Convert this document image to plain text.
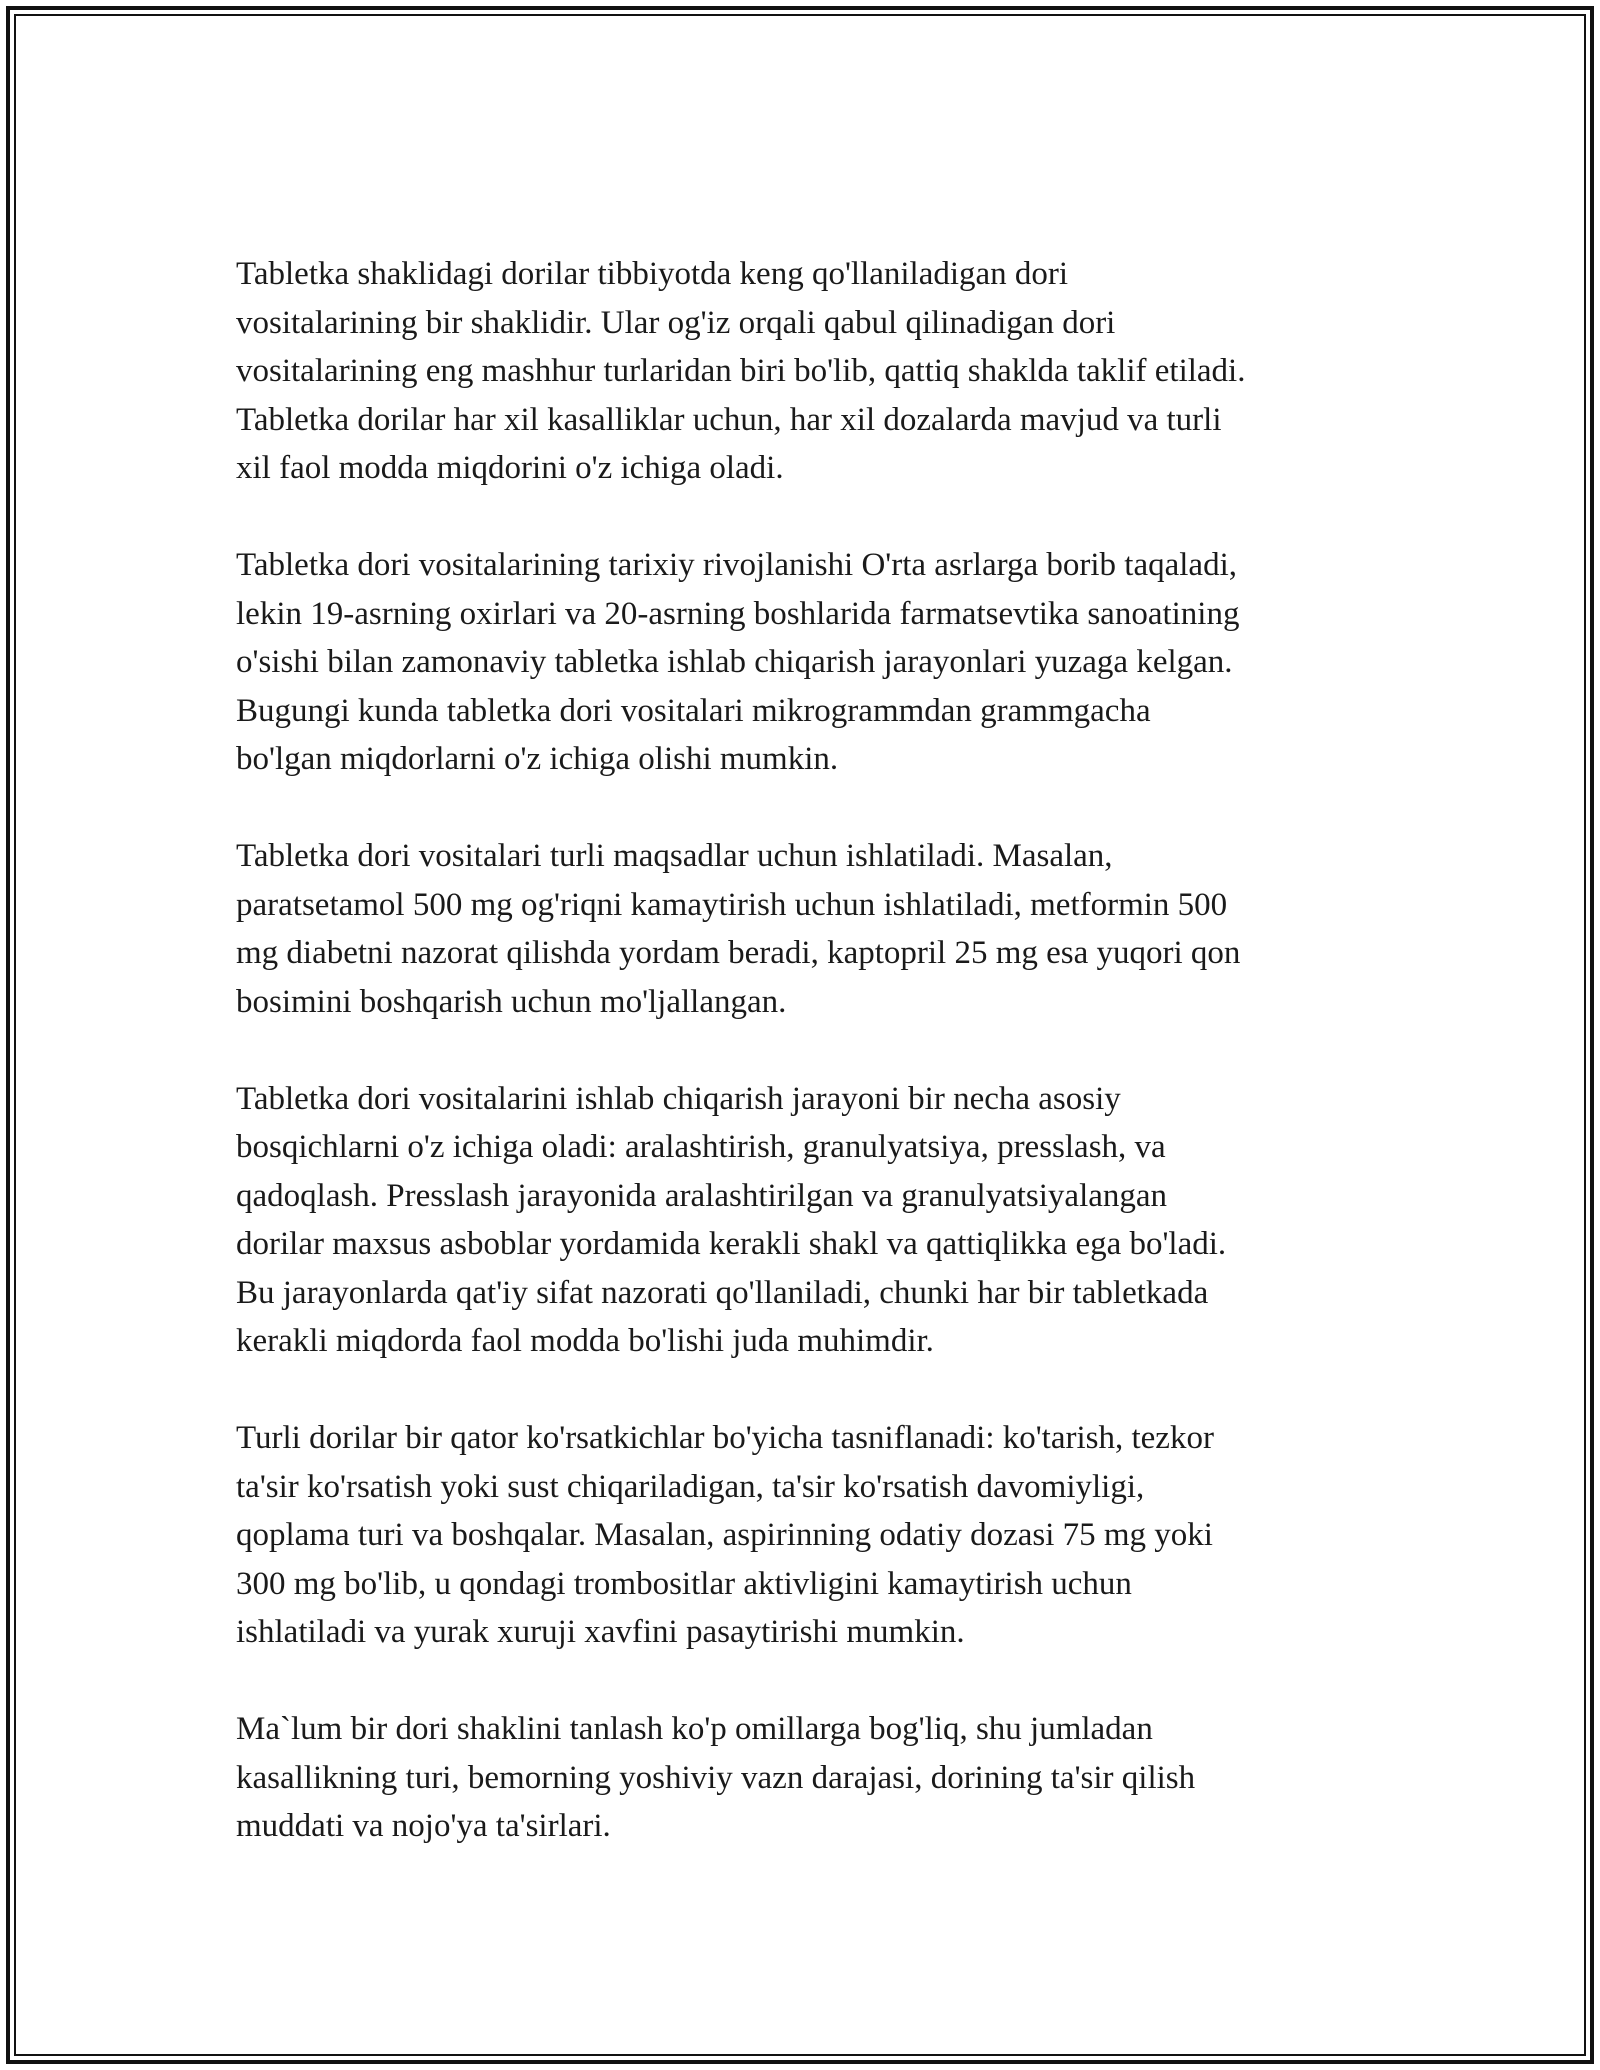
Tabletka shaklidagi dorilar tibbiyotda keng qo'llaniladigan dori
vositalarining bir shaklidir. Ular og'iz orqali qabul qilinadigan dori
vositalarining eng mashhur turlaridan biri bo'lib, qattiq shaklda taklif etiladi.
Tabletka dorilar har xil kasalliklar uchun, har xil dozalarda mavjud va turli
xil faol modda miqdorini o'z ichiga oladi.

Tabletka dori vositalarining tarixiy rivojlanishi O'rta asrlarga borib taqaladi,
lekin 19-asrning oxirlari va 20-asrning boshlarida farmatsevtika sanoatining
o'sishi bilan zamonaviy tabletka ishlab chiqarish jarayonlari yuzaga kelgan.
Bugungi kunda tabletka dori vositalari mikrogrammdan grammgacha
bo'lgan miqdorlarni o'z ichiga olishi mumkin.

Tabletka dori vositalari turli maqsadlar uchun ishlatiladi. Masalan,
paratsetamol 500 mg og'riqni kamaytirish uchun ishlatiladi, metformin 500
mg diabetni nazorat qilishda yordam beradi, kaptopril 25 mg esa yuqori qon
bosimini boshqarish uchun mo'ljallangan.

Tabletka dori vositalarini ishlab chiqarish jarayoni bir necha asosiy
bosqichlarni o'z ichiga oladi: aralashtirish, granulyatsiya, presslash, va
qadoqlash. Presslash jarayonida aralashtirilgan va granulyatsiyalangan
dorilar maxsus asboblar yordamida kerakli shakl va qattiqlikka ega bo'ladi.
Bu jarayonlarda qat'iy sifat nazorati qo'llaniladi, chunki har bir tabletkada
kerakli miqdorda faol modda bo'lishi juda muhimdir.

Turli dorilar bir qator ko'rsatkichlar bo'yicha tasniflanadi: ko'tarish, tezkor
ta'sir ko'rsatish yoki sust chiqariladigan, ta'sir ko'rsatish davomiyligi,
qoplama turi va boshqalar. Masalan, aspirinning odatiy dozasi 75 mg yoki
300 mg bo'lib, u qondagi trombositlar aktivligini kamaytirish uchun
ishlatiladi va yurak xuruji xavfini pasaytirishi mumkin.

Ma`lum bir dori shaklini tanlash ko'p omillarga bog'liq, shu jumladan
kasallikning turi, bemorning yoshiviy vazn darajasi, dorining ta'sir qilish
muddati va nojo'ya ta'sirlari.
